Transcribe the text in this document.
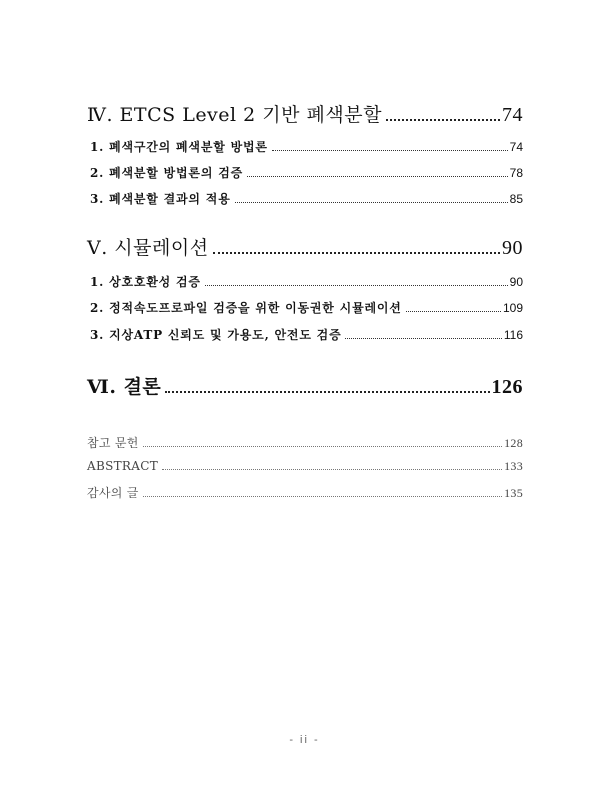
Ⅳ. ETCS Level 2 기반 폐색분할	74
1. 폐색구간의 폐색분할 방법론	74
2. 폐색분할 방법론의 검증	78
3. 폐색분할 결과의 적용	85
Ⅴ. 시뮬레이션	90
1. 상호호환성 검증	90
2. 정적속도프로파일 검증을 위한 이동권한 시뮬레이션	109
3. 지상ATP 신뢰도 및 가용도, 안전도 검증	116
Ⅵ. 결론	126
참고 문헌	128
ABSTRACT	133
감사의 글	135
- ii -
